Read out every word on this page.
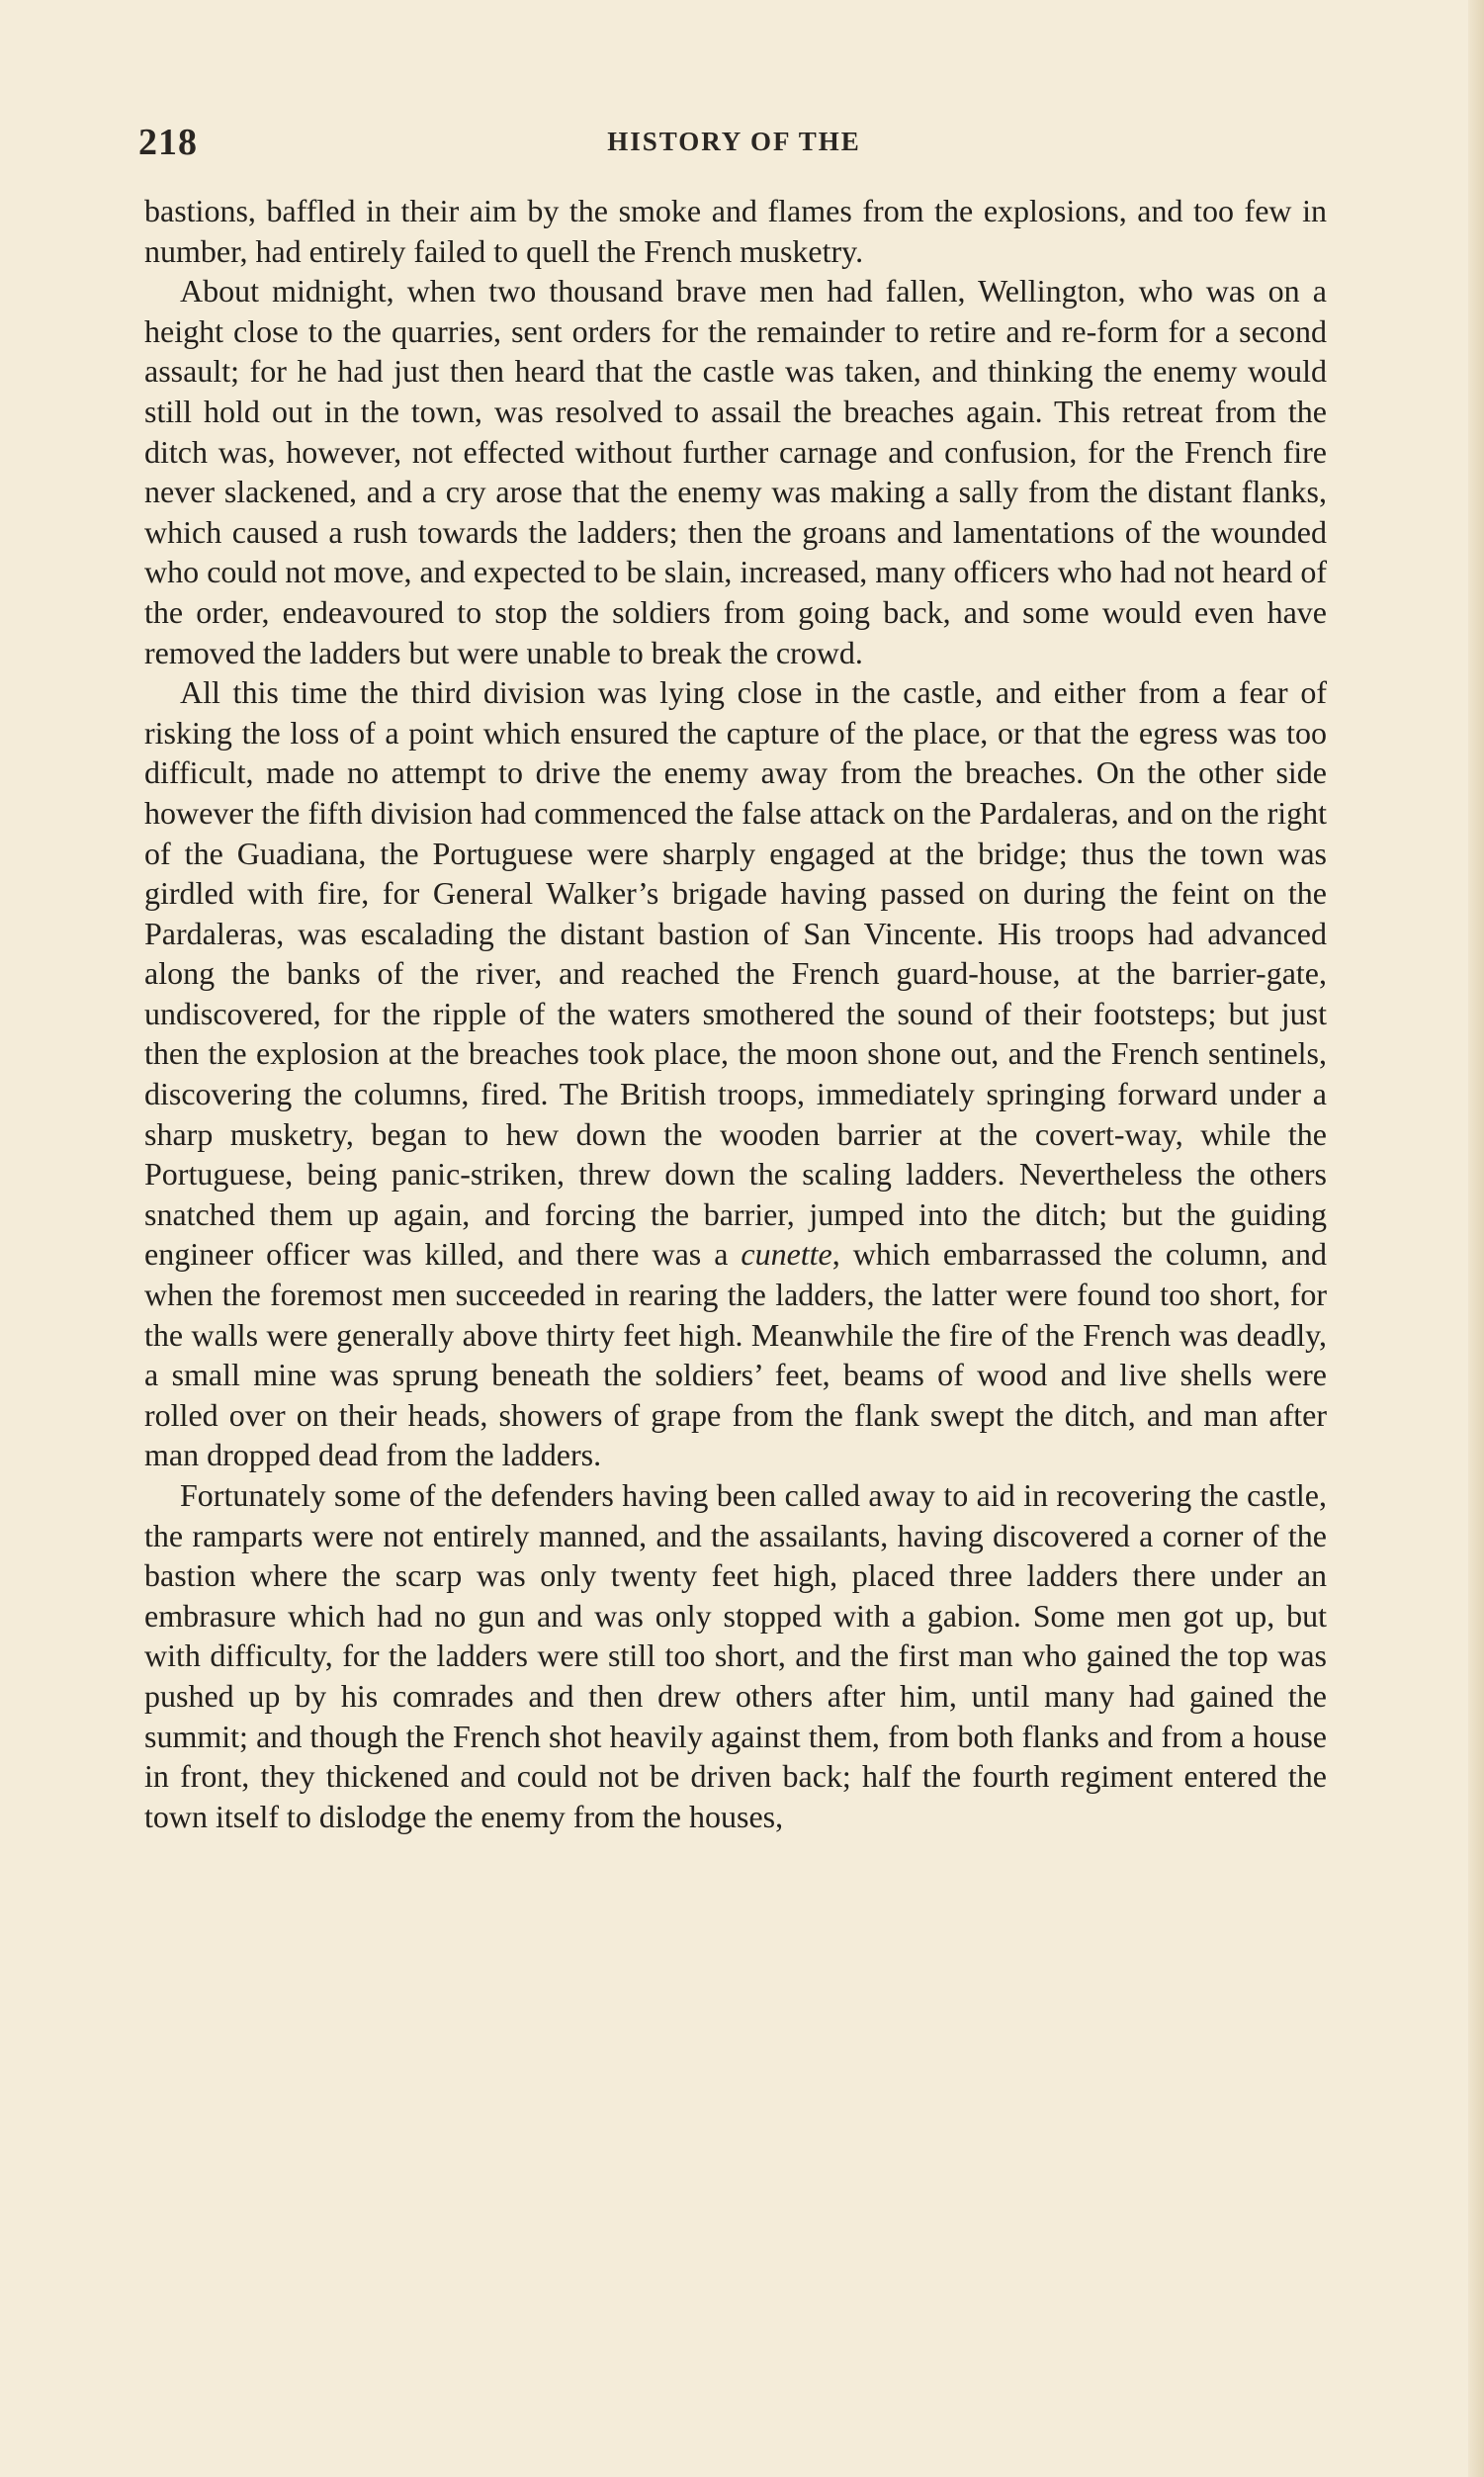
218	HISTORY OF THE

bastions, baffled in their aim by the smoke and flames from the explosions, and too few in number, had entirely failed to quell the French musketry.

About midnight, when two thousand brave men had fallen, Wellington, who was on a height close to the quarries, sent orders for the remainder to retire and re-form for a second assault; for he had just then heard that the castle was taken, and thinking the enemy would still hold out in the town, was resolved to assail the breaches again. This retreat from the ditch was, however, not effected without further carnage and confusion, for the French fire never slackened, and a cry arose that the enemy was making a sally from the distant flanks, which caused a rush towards the ladders; then the groans and lamentations of the wounded who could not move, and expected to be slain, increased, many officers who had not heard of the order, endeavoured to stop the soldiers from going back, and some would even have removed the ladders but were unable to break the crowd.

All this time the third division was lying close in the castle, and either from a fear of risking the loss of a point which ensured the capture of the place, or that the egress was too difficult, made no attempt to drive the enemy away from the breaches. On the other side however the fifth division had commenced the false attack on the Pardaleras, and on the right of the Guadiana, the Portuguese were sharply engaged at the bridge; thus the town was girdled with fire, for General Walker’s brigade having passed on during the feint on the Pardaleras, was escalading the distant bastion of San Vincente. His troops had advanced along the banks of the river, and reached the French guard-house, at the barrier-gate, undiscovered, for the ripple of the waters smothered the sound of their footsteps; but just then the explosion at the breaches took place, the moon shone out, and the French sentinels, discovering the columns, fired. The British troops, immediately springing forward under a sharp musketry, began to hew down the wooden barrier at the covert-way, while the Portuguese, being panic-striken, threw down the scaling ladders. Nevertheless the others snatched them up again, and forcing the barrier, jumped into the ditch; but the guiding engineer officer was killed, and there was a cunette, which embarrassed the column, and when the foremost men succeeded in rearing the ladders, the latter were found too short, for the walls were generally above thirty feet high. Meanwhile the fire of the French was deadly, a small mine was sprung beneath the soldiers’ feet, beams of wood and live shells were rolled over on their heads, showers of grape from the flank swept the ditch, and man after man dropped dead from the ladders.

Fortunately some of the defenders having been called away to aid in recovering the castle, the ramparts were not entirely manned, and the assailants, having discovered a corner of the bastion where the scarp was only twenty feet high, placed three ladders there under an embrasure which had no gun and was only stopped with a gabion. Some men got up, but with difficulty, for the ladders were still too short, and the first man who gained the top was pushed up by his comrades and then drew others after him, until many had gained the summit; and though the French shot heavily against them, from both flanks and from a house in front, they thickened and could not be driven back; half the fourth regiment entered the town itself to dislodge the enemy from the houses,
